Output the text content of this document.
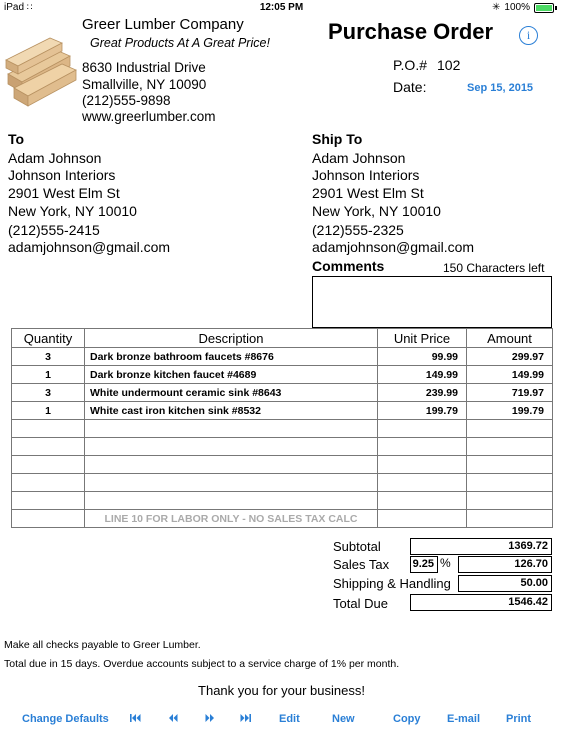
iPad ∷	12:05 PM	✳ 100%
Greer Lumber Company
Great Products At A Great Price!
8630 Industrial Drive
Smallville, NY 10090
(212)555-9898
www.greerlumber.com
Purchase Order	i
P.O.# 102
Date:	Sep 15, 2015
To
Adam Johnson
Johnson Interiors
2901 West Elm St
New York, NY 10010
(212)555-2415
adamjohnson@gmail.com
Ship To
Adam Johnson
Johnson Interiors
2901 West Elm St
New York, NY 10010
(212)555-2325
adamjohnson@gmail.com
Comments	150 Characters left
Quantity	Description	Unit Price	Amount
3	Dark bronze bathroom faucets #8676	99.99	299.97
1	Dark bronze kitchen faucet #4689	149.99	149.99
3	White undermount ceramic sink #8643	239.99	719.97
1	White cast iron kitchen sink #8532	199.79	199.79

	LINE 10 FOR LABOR ONLY - NO SALES TAX CALC		
Subtotal	1369.72
Sales Tax 9.25 %	126.70
Shipping & Handling	50.00
Total Due	1546.42
Make all checks payable to Greer Lumber.
Total due in 15 days. Overdue accounts subject to a service charge of 1% per month.
Thank you for your business!
Change Defaults	Edit	New	Copy E-mail Print
